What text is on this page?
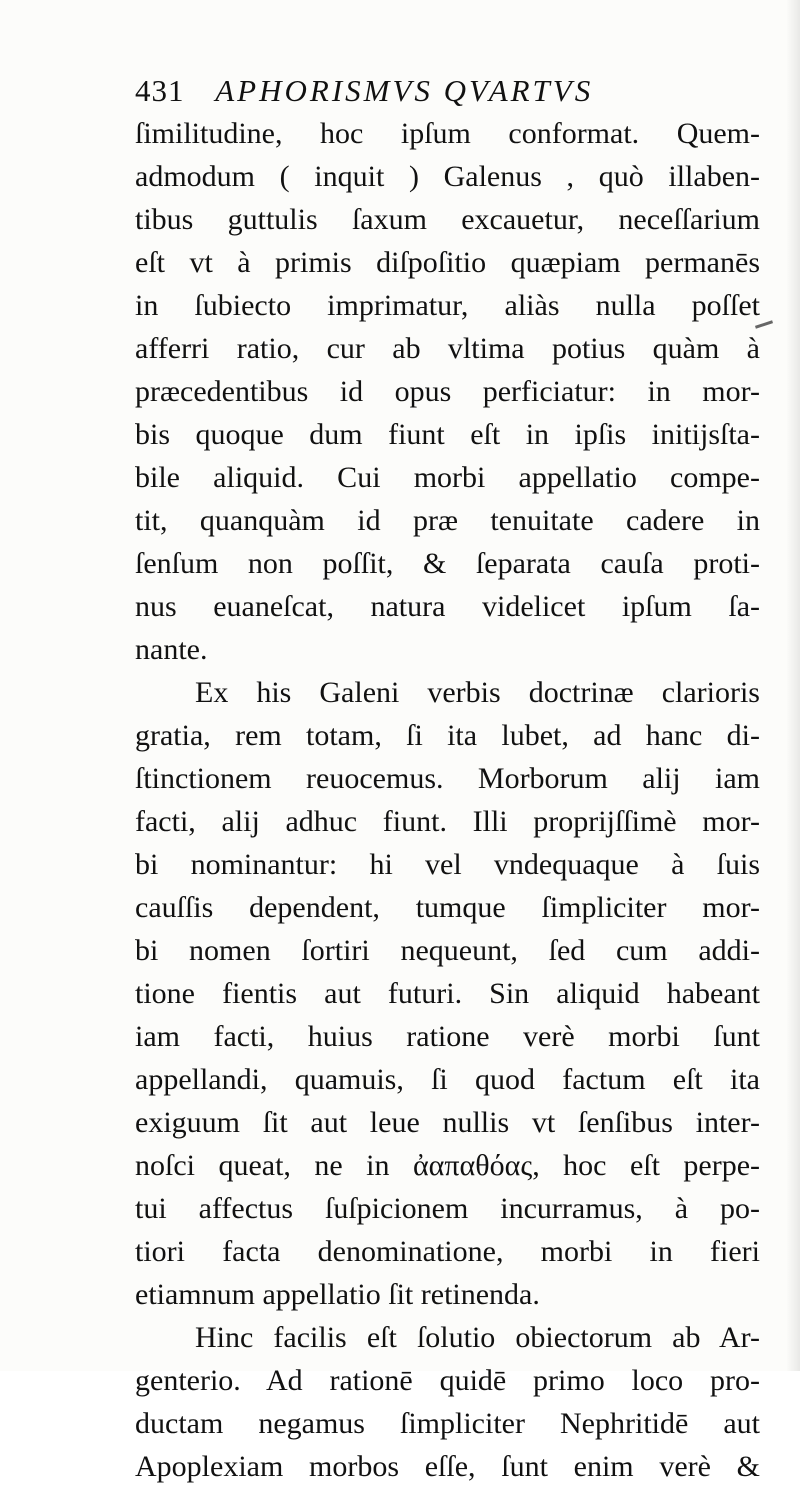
431 APHORISMVS QVARTVS
ſimilitudine, hoc ipſum conformat. Quem-
admodum ( inquit ) Galenus , quò illaben-
tibus guttulis ſaxum excauetur, neceſſarium
eſt vt à primis diſpoſitio quæpiam permanēs
in ſubiecto imprimatur, aliàs nulla poſſet
afferri ratio, cur ab vltima potius quàm à
præcedentibus id opus perficiatur: in mor-
bis quoque dum fiunt eſt in ipſis initijsſta-
bile aliquid. Cui morbi appellatio compe-
tit, quanquàm id præ tenuitate cadere in
ſenſum non poſſit, & ſeparata cauſa proti-
nus euaneſcat, natura videlicet ipſum ſa-
nante.
Ex his Galeni verbis doctrinæ clarioris
gratia, rem totam, ſi ita lubet, ad hanc di-
ſtinctionem reuocemus. Morborum alij iam
facti, alij adhuc fiunt. Illi proprijſſimè mor-
bi nominantur: hi vel vndequaque à ſuis
cauſſis dependent, tumque ſimpliciter mor-
bi nomen ſortiri nequeunt, ſed cum addi-
tione fientis aut futuri. Sin aliquid habeant
iam facti, huius ratione verè morbi ſunt
appellandi, quamuis, ſi quod factum eſt ita
exiguum ſit aut leue nullis vt ſenſibus inter-
noſci queat, ne in ἀαπαθόας, hoc eſt perpe-
tui affectus ſuſpicionem incurramus, à po-
tiori facta denominatione, morbi in fieri
etiamnum appellatio ſit retinenda.
Hinc facilis eſt ſolutio obiectorum ab Ar-
genterio. Ad rationē quidē primo loco pro-
ductam negamus ſimpliciter Nephritidē aut
Apoplexiam morbos eſſe, ſunt enim verè &
